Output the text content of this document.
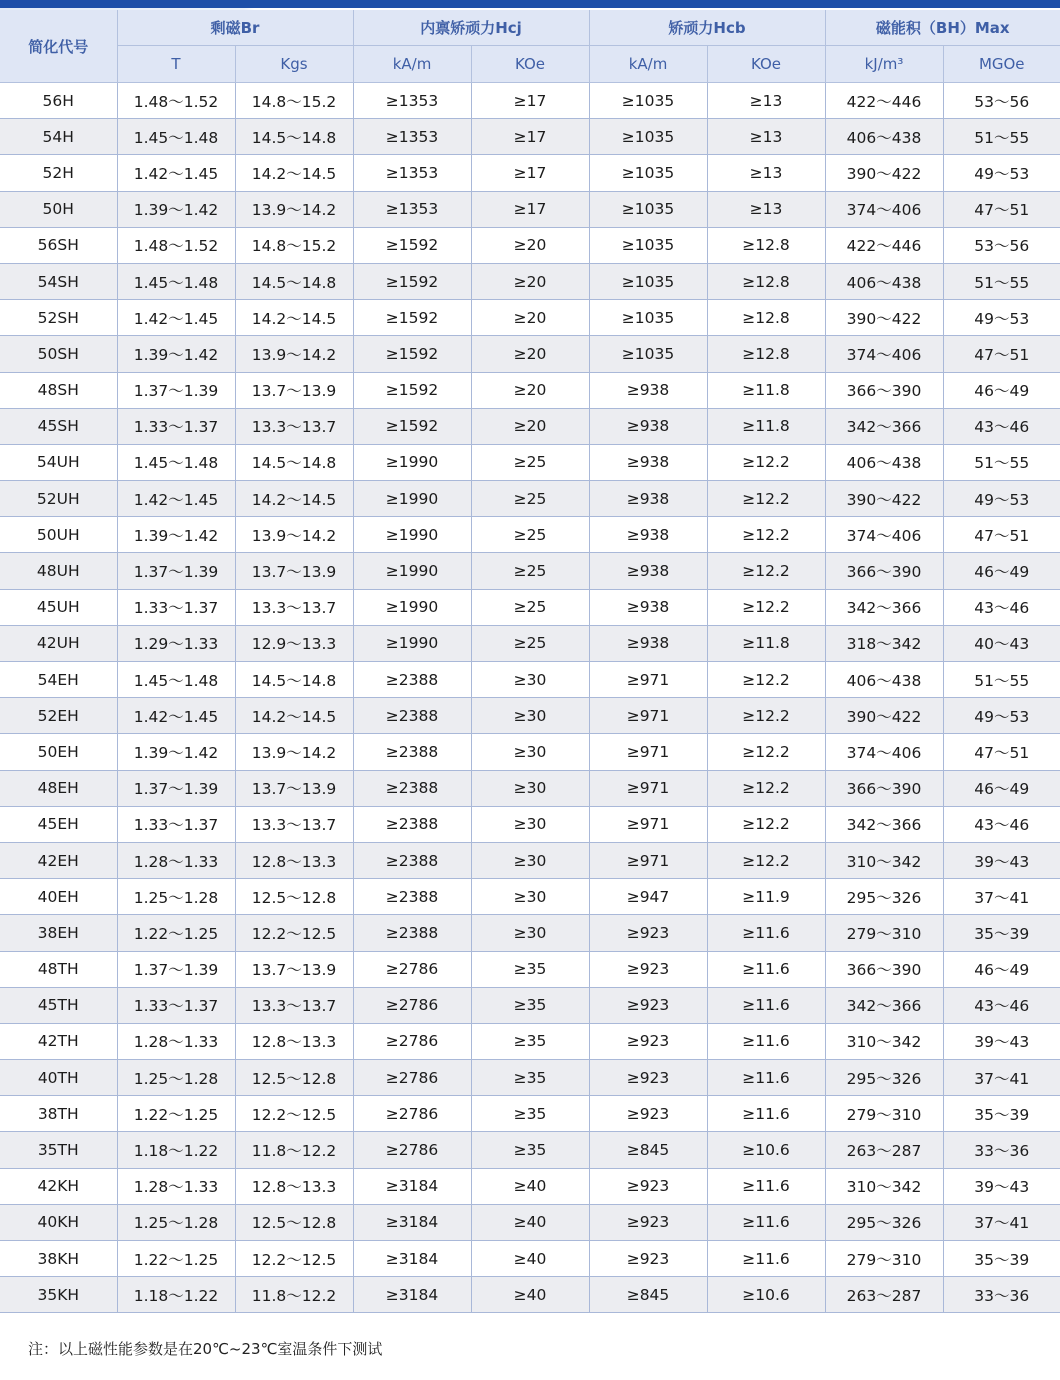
简化代号	剩磁Br		内禀矫顽力Hcj		矫顽力Hcb		磁能积（BH）Max	
	T	Kgs	kA/m	KOe	kA/m	KOe	kJ/m³	MGOe
56H	1.48～1.52	14.8～15.2	≥1353	≥17	≥1035	≥13	422～446	53～56
54H	1.45～1.48	14.5～14.8	≥1353	≥17	≥1035	≥13	406～438	51～55
52H	1.42～1.45	14.2～14.5	≥1353	≥17	≥1035	≥13	390～422	49～53
50H	1.39～1.42	13.9～14.2	≥1353	≥17	≥1035	≥13	374～406	47～51
56SH	1.48～1.52	14.8～15.2	≥1592	≥20	≥1035	≥12.8	422～446	53～56
54SH	1.45～1.48	14.5～14.8	≥1592	≥20	≥1035	≥12.8	406～438	51～55
52SH	1.42～1.45	14.2～14.5	≥1592	≥20	≥1035	≥12.8	390～422	49～53
50SH	1.39～1.42	13.9～14.2	≥1592	≥20	≥1035	≥12.8	374～406	47～51
48SH	1.37～1.39	13.7～13.9	≥1592	≥20	≥938	≥11.8	366～390	46～49
45SH	1.33～1.37	13.3～13.7	≥1592	≥20	≥938	≥11.8	342～366	43～46
54UH	1.45～1.48	14.5～14.8	≥1990	≥25	≥938	≥12.2	406～438	51～55
52UH	1.42～1.45	14.2～14.5	≥1990	≥25	≥938	≥12.2	390～422	49～53
50UH	1.39～1.42	13.9～14.2	≥1990	≥25	≥938	≥12.2	374～406	47～51
48UH	1.37～1.39	13.7～13.9	≥1990	≥25	≥938	≥12.2	366～390	46～49
45UH	1.33～1.37	13.3～13.7	≥1990	≥25	≥938	≥12.2	342～366	43～46
42UH	1.29～1.33	12.9～13.3	≥1990	≥25	≥938	≥11.8	318～342	40～43
54EH	1.45～1.48	14.5～14.8	≥2388	≥30	≥971	≥12.2	406～438	51～55
52EH	1.42～1.45	14.2～14.5	≥2388	≥30	≥971	≥12.2	390～422	49～53
50EH	1.39～1.42	13.9～14.2	≥2388	≥30	≥971	≥12.2	374～406	47～51
48EH	1.37～1.39	13.7～13.9	≥2388	≥30	≥971	≥12.2	366～390	46～49
45EH	1.33～1.37	13.3～13.7	≥2388	≥30	≥971	≥12.2	342～366	43～46
42EH	1.28～1.33	12.8～13.3	≥2388	≥30	≥971	≥12.2	310～342	39～43
40EH	1.25～1.28	12.5～12.8	≥2388	≥30	≥947	≥11.9	295～326	37～41
38EH	1.22～1.25	12.2～12.5	≥2388	≥30	≥923	≥11.6	279～310	35～39
48TH	1.37～1.39	13.7～13.9	≥2786	≥35	≥923	≥11.6	366～390	46～49
45TH	1.33～1.37	13.3～13.7	≥2786	≥35	≥923	≥11.6	342～366	43～46
42TH	1.28～1.33	12.8～13.3	≥2786	≥35	≥923	≥11.6	310～342	39～43
40TH	1.25～1.28	12.5～12.8	≥2786	≥35	≥923	≥11.6	295～326	37～41
38TH	1.22～1.25	12.2～12.5	≥2786	≥35	≥923	≥11.6	279～310	35～39
35TH	1.18～1.22	11.8～12.2	≥2786	≥35	≥845	≥10.6	263～287	33～36
42KH	1.28～1.33	12.8～13.3	≥3184	≥40	≥923	≥11.6	310～342	39～43
40KH	1.25～1.28	12.5～12.8	≥3184	≥40	≥923	≥11.6	295～326	37～41
38KH	1.22～1.25	12.2～12.5	≥3184	≥40	≥923	≥11.6	279～310	35～39
35KH	1.18～1.22	11.8～12.2	≥3184	≥40	≥845	≥10.6	263～287	33～36
注：以上磁性能参数是在20℃~23℃室温条件下测试
